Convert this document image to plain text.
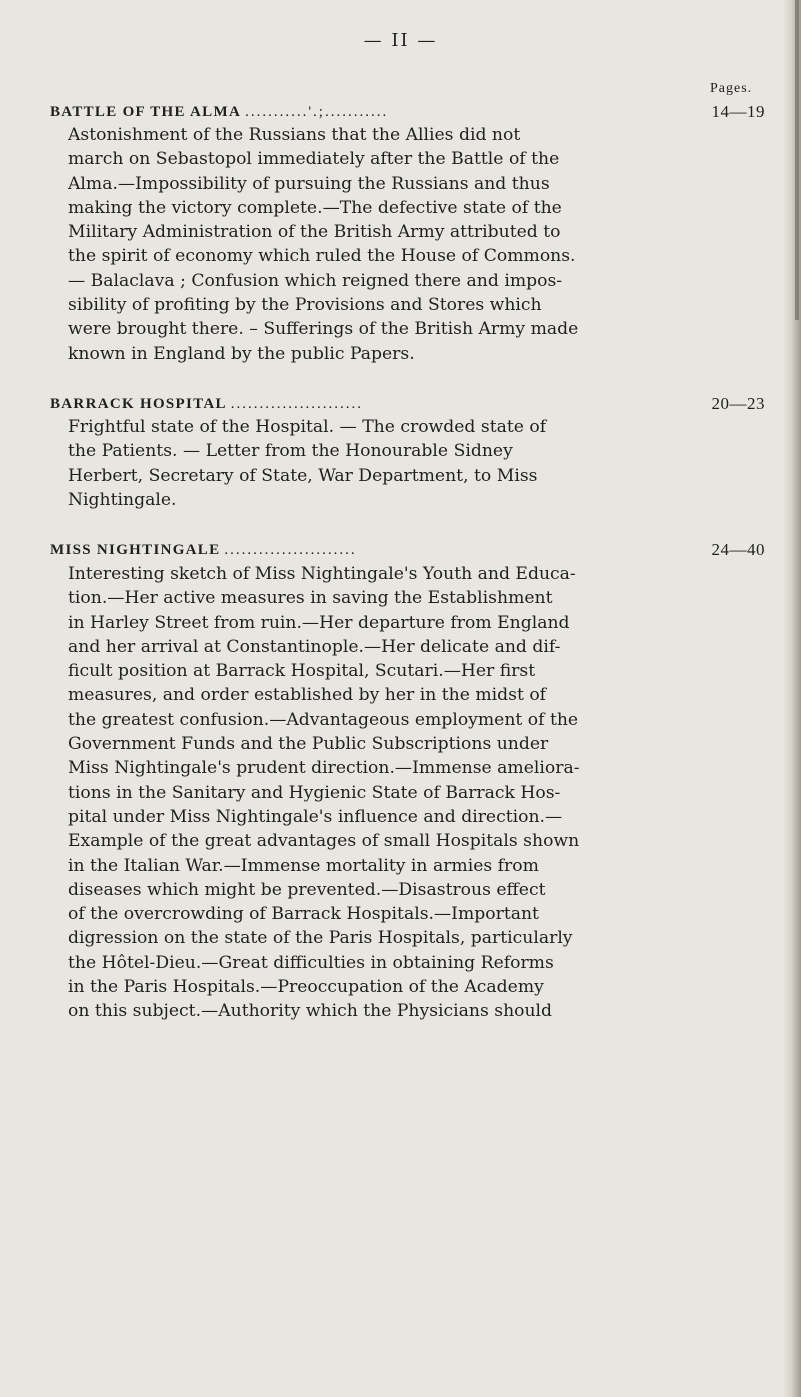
— II —
Pages.
BATTLE OF THE ALMA ...........'.;...........	14—19
Astonishment of the Russians that the Allies did not
march on Sebastopol immediately after the Battle of the
Alma.—Impossibility of pursuing the Russians and thus
making the victory complete.—The defective state of the
Military Administration of the British Army attributed to
the spirit of economy which ruled the House of Commons.
— Balaclava ; Confusion which reigned there and impos-
sibility of profiting by the Provisions and Stores which
were brought there. – Sufferings of the British Army made
known in England by the public Papers.
BARRACK HOSPITAL .......................	20—23
Frightful state of the Hospital. — The crowded state of
the Patients. — Letter from the Honourable Sidney
Herbert, Secretary of State, War Department, to Miss
Nightingale.
MISS NIGHTINGALE .......................	24—40
Interesting sketch of Miss Nightingale's Youth and Educa-
tion.—Her active measures in saving the Establishment
in Harley Street from ruin.—Her departure from England
and her arrival at Constantinople.—Her delicate and dif-
ficult position at Barrack Hospital, Scutari.—Her first
measures, and order established by her in the midst of
the greatest confusion.—Advantageous employment of the
Government Funds and the Public Subscriptions under
Miss Nightingale's prudent direction.—Immense ameliora-
tions in the Sanitary and Hygienic State of Barrack Hos-
pital under Miss Nightingale's influence and direction.—
Example of the great advantages of small Hospitals shown
in the Italian War.—Immense mortality in armies from
diseases which might be prevented.—Disastrous effect
of the overcrowding of Barrack Hospitals.—Important
digression on the state of the Paris Hospitals, particularly
the Hôtel-Dieu.—Great difficulties in obtaining Reforms
in the Paris Hospitals.—Preoccupation of the Academy
on this subject.—Authority which the Physicians should
